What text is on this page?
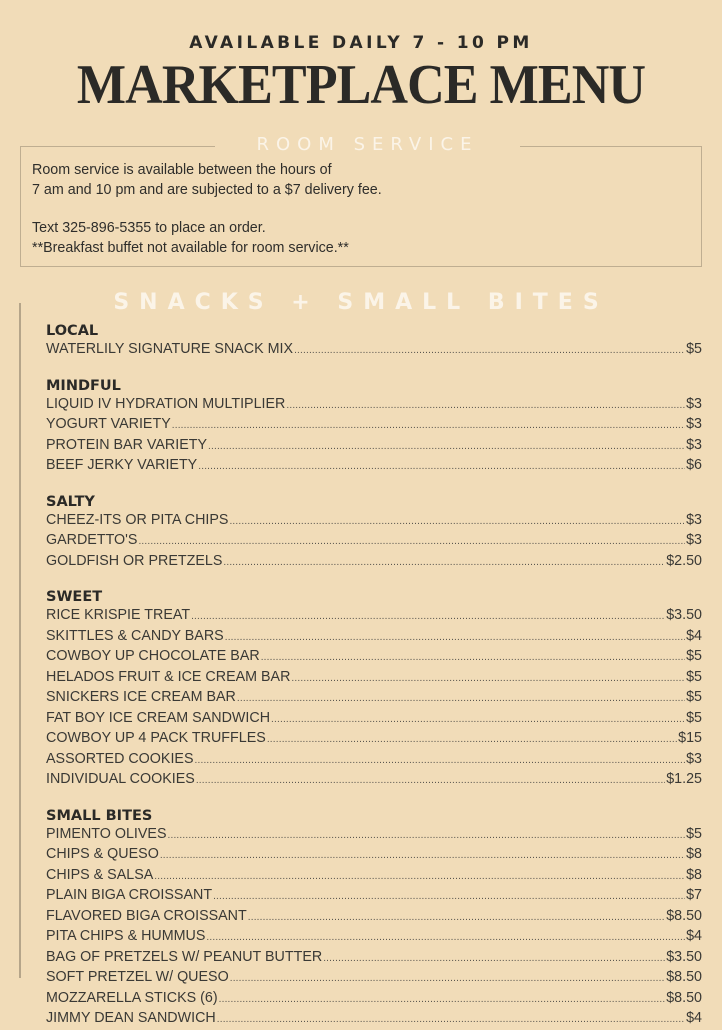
AVAILABLE DAILY 7 - 10 PM
MARKETPLACE MENU
ROOM SERVICE
Room service is available between the hours of
7 am and 10 pm and are subjected to a $7 delivery fee.
Text 325-896-5355 to place an order.
**Breakfast buffet not available for room service.**
SNACKS + SMALL BITES
LOCAL
WATERLILY SIGNATURE SNACK MIX .....	$5
MINDFUL
LIQUID IV HYDRATION MULTIPLIER .....	$3
YOGURT VARIETY .....	$3
PROTEIN BAR VARIETY .....	$3
BEEF JERKY VARIETY .....	$6
SALTY
CHEEZ-ITS OR PITA CHIPS .....	$3
GARDETTO'S .....	$3
GOLDFISH OR PRETZELS .....	$2.50
SWEET
RICE KRISPIE TREAT .....	$3.50
SKITTLES & CANDY BARS .....	$4
COWBOY UP CHOCOLATE BAR .....	$5
HELADOS FRUIT & ICE CREAM BAR .....	$5
SNICKERS ICE CREAM BAR .....	$5
FAT BOY ICE CREAM SANDWICH .....	$5
COWBOY UP 4 PACK TRUFFLES .....	$15
ASSORTED COOKIES .....	$3
INDIVIDUAL COOKIES .....	$1.25
SMALL BITES
PIMENTO OLIVES .....	$5
CHIPS & QUESO .....	$8
CHIPS & SALSA .....	$8
PLAIN BIGA CROISSANT .....	$7
FLAVORED BIGA CROISSANT .....	$8.50
PITA CHIPS & HUMMUS .....	$4
BAG OF PRETZELS W/ PEANUT BUTTER .....	$3.50
SOFT PRETZEL W/ QUESO .....	$8.50
MOZZARELLA STICKS (6) .....	$8.50
JIMMY DEAN SANDWICH .....	$4
